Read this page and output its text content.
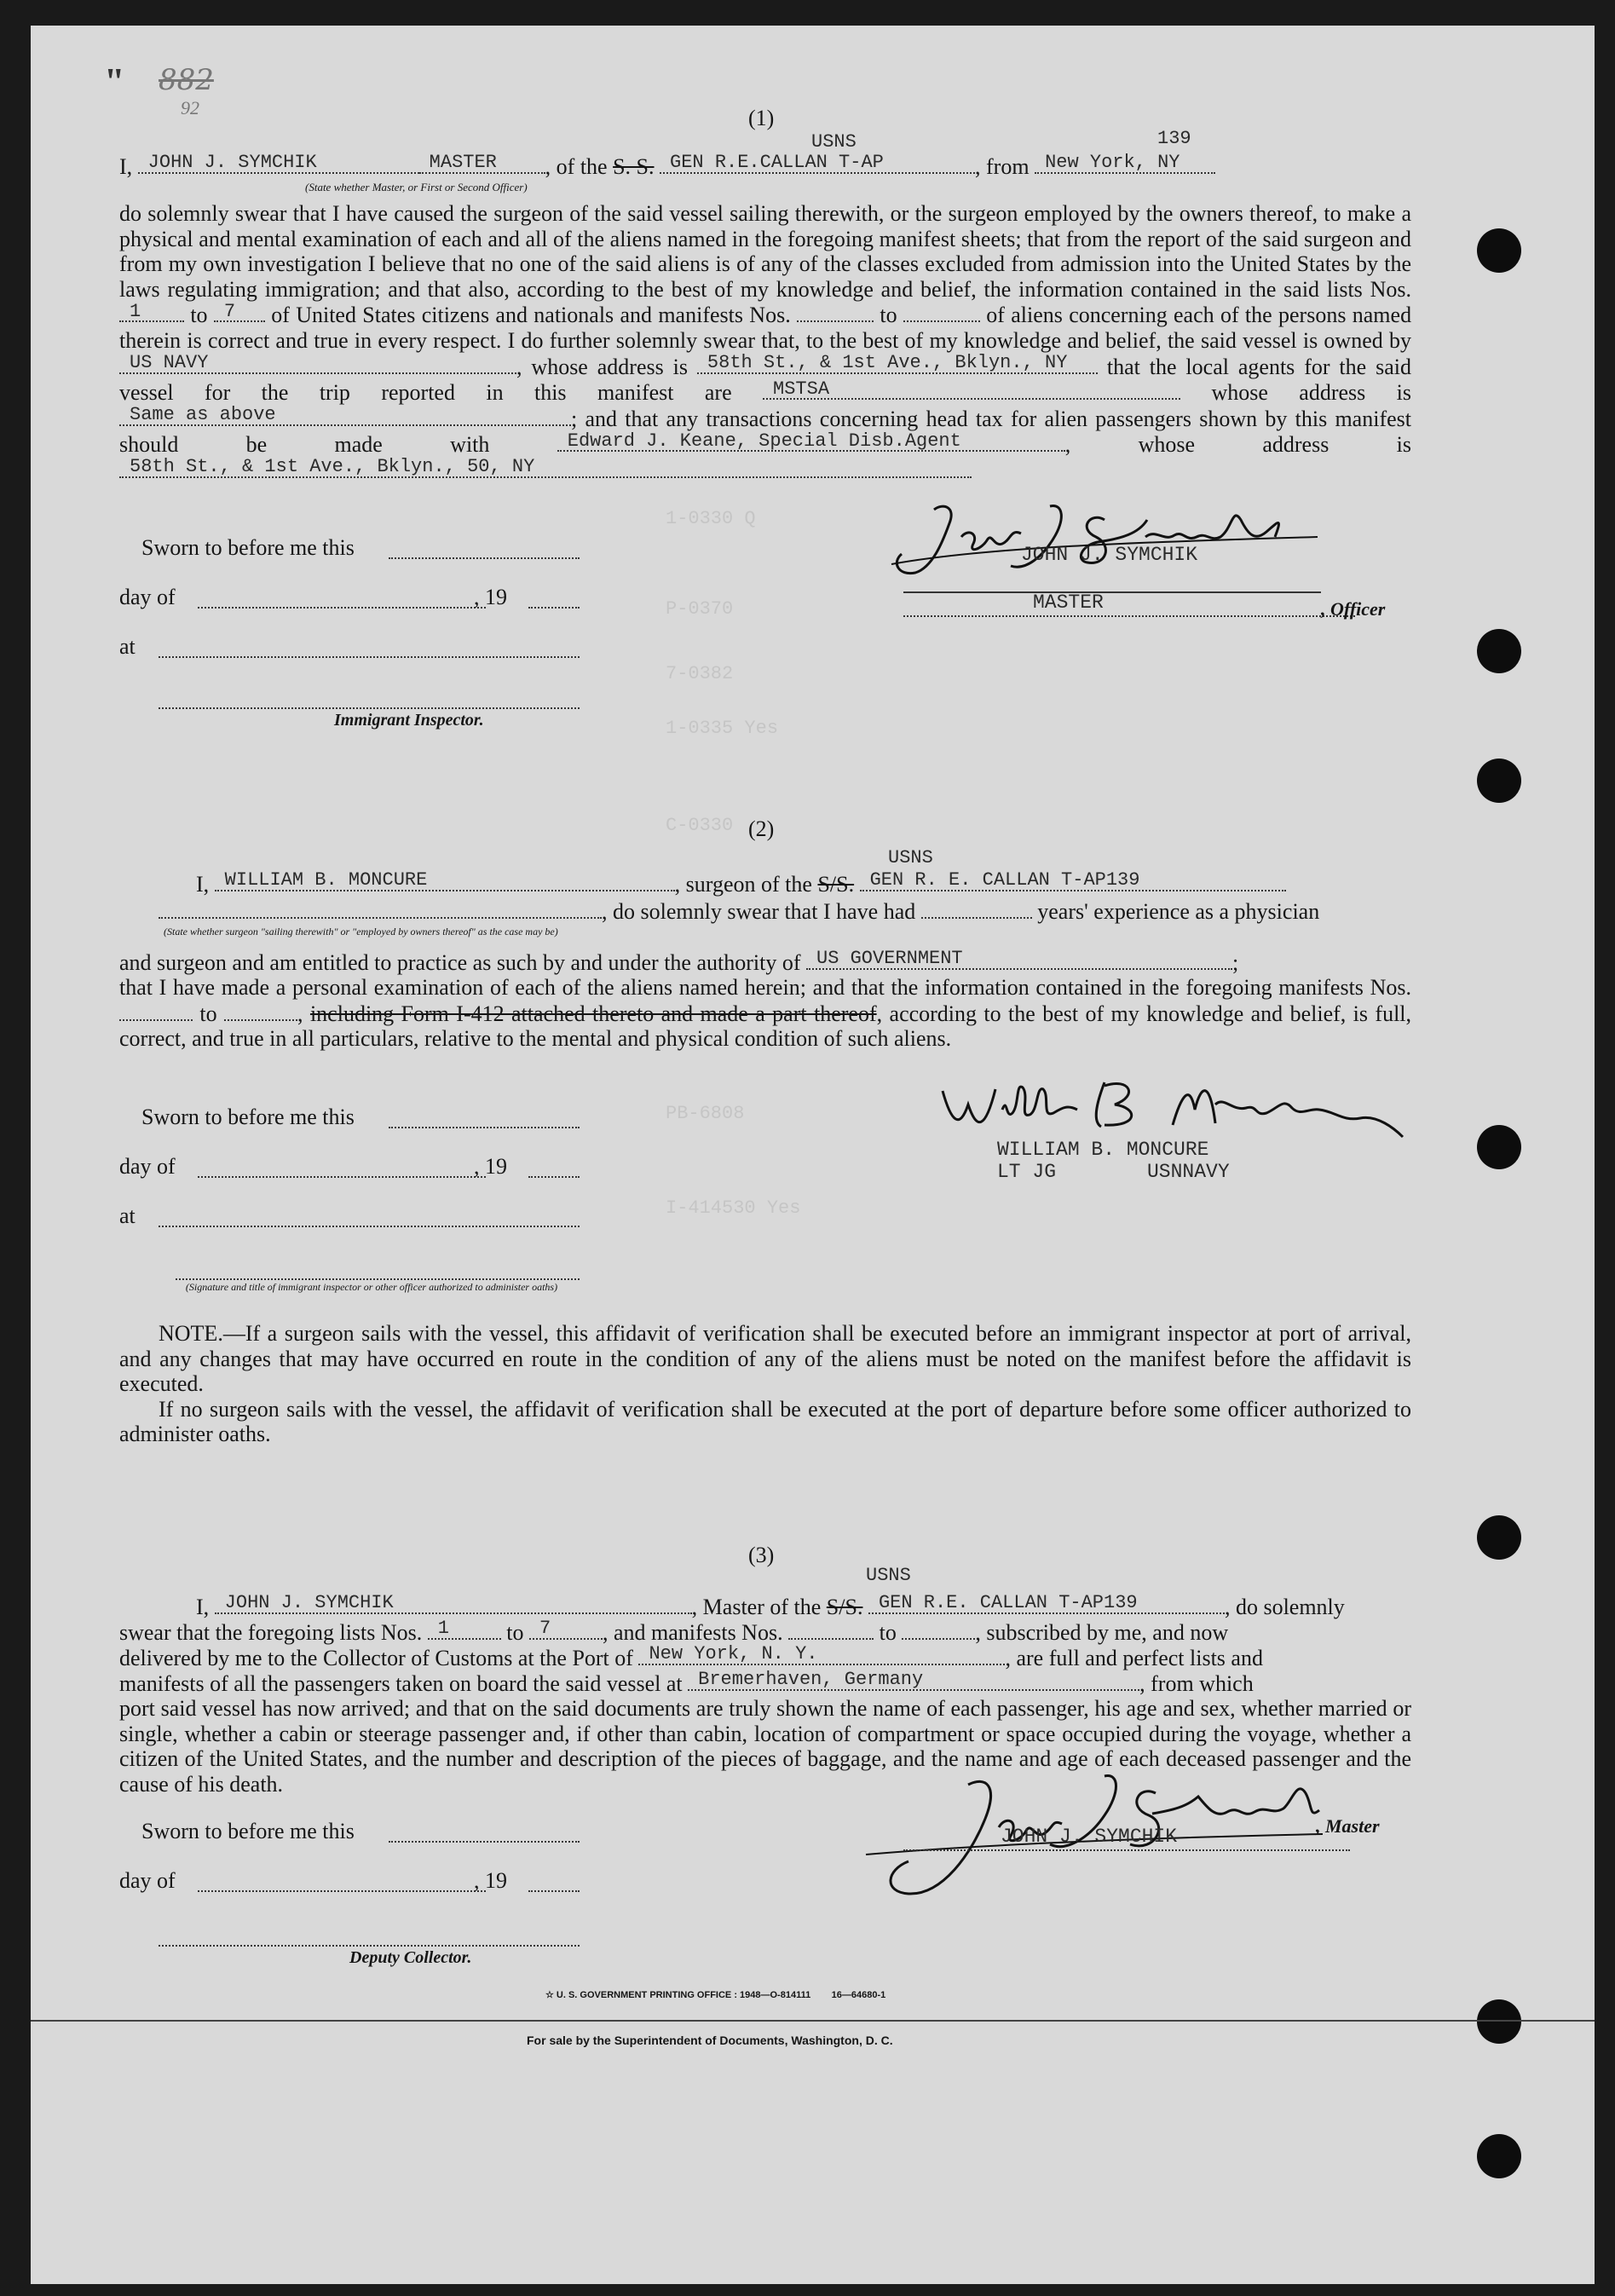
1-0330 Q
P-0370
7-0382
1-0335 Yes
C-0330
PB-6808
I-414530 Yes
" 882
92	(1)
USNS	139
I, JOHN J. SYMCHIK	MASTER , of the S. S. GEN R.E.CALLAN T-AP	, from New York, NY
(State whether Master, or First or Second Officer)

do solemnly swear that I have caused the surgeon of the said vessel sailing therewith, or the surgeon employed by the owners thereof, to make a physical and mental examination of each and all of the aliens named in the foregoing manifest sheets; that from the report of the said surgeon and from my own investigation I believe that no one of the said aliens is of any of the classes excluded from admission into the United States by the laws regulating immigration; and that also, according to the best of my knowledge and belief, the information contained in the said lists Nos.
1 to 7 of United States citizens and nationals and manifests Nos.	to	of aliens concerning each of the persons named therein is correct and true in every respect. I do further solemnly swear that, to the best of my knowledge and belief, the said vessel is owned by
US NAVY	, whose address is 58th St., & 1st Ave., Bklyn., NY that the local agents for the said vessel for the trip reported in this manifest are MSTSA	whose address is
Same as above	; and that any transactions concerning head tax for alien passengers shown by this manifest should be made with	Edward J. Keane, Special Disb.Agent	, whose address is
58th St., & 1st Ave., Bklyn., 50, NY

Sworn to before me this
day of	, 19
at
Immigrant Inspector.
JOHN J. SYMCHIK
MASTER	, Officer
(2)
USNS
I, WILLIAM B. MONCURE	, surgeon of the S/S. GEN R. E. CALLAN T-AP139
, do solemnly swear that I have had	years' experience as a physician
(State whether surgeon "sailing therewith" or "employed by owners thereof" as the case may be)
and surgeon and am entitled to practice as such by and under the authority of US GOVERNMENT	;

that I have made a personal examination of each of the aliens named herein; and that the information contained in the foregoing manifests Nos.  to	, including Form I-412 attached thereto and made a part thereof, according to the best of my knowledge and belief, is full, correct, and true in all particulars, relative to the mental and physical condition of such aliens.

Sworn to before me this
day of	, 19
at
(Signature and title of immigrant inspector or other officer authorized to administer oaths)
WILLIAM B. MONCURE
LT JG	USNNAVY

NOTE.—If a surgeon sails with the vessel, this affidavit of verification shall be executed before an immigrant inspector at port of arrival, and any changes that may have occurred en route in the condition of any of the aliens must be noted on the manifest before the affidavit is executed.

If no surgeon sails with the vessel, the affidavit of verification shall be executed at the port of departure before some officer authorized to administer oaths.

(3)
USNS
I, JOHN J. SYMCHIK	, Master of the S/S. GEN R.E. CALLAN T-AP139	, do solemnly
swear that the foregoing lists Nos. 1	to 7 , and manifests Nos.	to	, subscribed by me, and now
delivered by me to the Collector of Customs at the Port of New York, N. Y.	, are full and perfect lists and
manifests of all the passengers taken on board the said vessel at Bremerhaven, Germany	, from which

port said vessel has now arrived; and that on the said documents are truly shown the name of each passenger, his age and sex, whether married or single, whether a cabin or steerage passenger and, if other than cabin, location of compartment or space occupied during the voyage, whether a citizen of the United States, and the number and description of the pieces of baggage, and the name and age of each deceased passenger and the cause of his death.

Sworn to before me this
day of	, 19
Deputy Collector.
JOHN J. SYMCHIK	, Master
☆ U. S. GOVERNMENT PRINTING OFFICE : 1948—O-814111        16—64680-1
For sale by the Superintendent of Documents, Washington, D. C.
